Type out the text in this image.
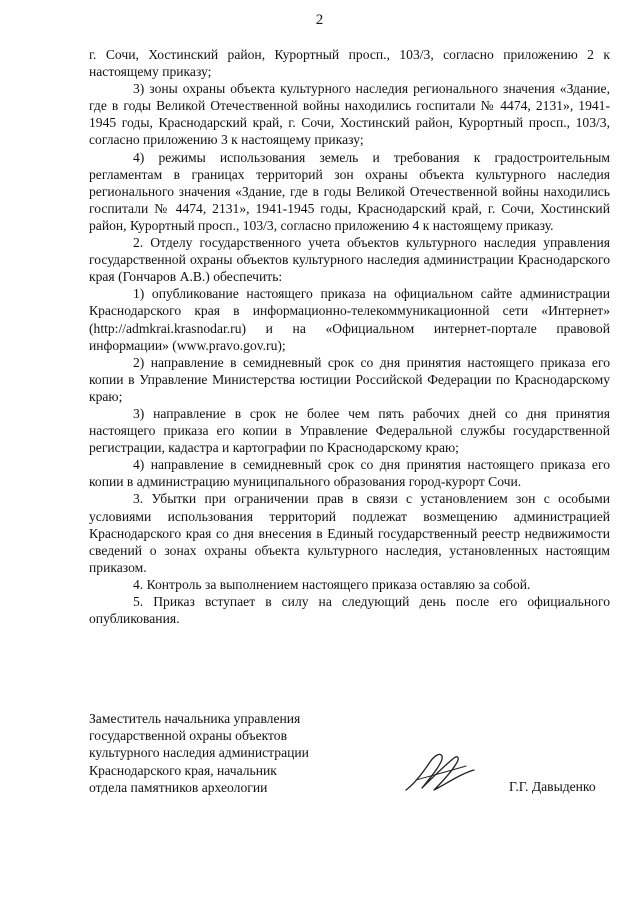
2

г. Сочи, Хостинский район, Курортный просп., 103/3, согласно приложению 2 к настоящему приказу;

3) зоны охраны объекта культурного наследия регионального значения «Здание, где в годы Великой Отечественной войны находились госпитали № 4474, 2131», 1941-1945 годы, Краснодарский край, г. Сочи, Хостинский район, Курортный просп., 103/3, согласно приложению 3 к настоящему приказу;

4) режимы использования земель и требования к градостроительным регламентам в границах территорий зон охраны объекта культурного наследия регионального значения «Здание, где в годы Великой Отечественной войны находились госпитали № 4474, 2131», 1941-1945 годы, Краснодарский край, г. Сочи, Хостинский район, Курортный просп., 103/3, согласно приложению 4 к настоящему приказу.

2. Отделу государственного учета объектов культурного наследия управления государственной охраны объектов культурного наследия администрации Краснодарского края (Гончаров А.В.) обеспечить:

1) опубликование настоящего приказа на официальном сайте администрации Краснодарского края в информационно-телекоммуникационной сети «Интернет» (http://admkrai.krasnodar.ru) и на «Официальном интернет-портале правовой информации» (www.pravo.gov.ru);

2) направление в семидневный срок со дня принятия настоящего приказа его копии в Управление Министерства юстиции Российской Федерации по Краснодарскому краю;

3) направление в срок не более чем пять рабочих дней со дня принятия настоящего приказа его копии в Управление Федеральной службы государственной регистрации, кадастра и картографии по Краснодарскому краю;

4) направление в семидневный срок со дня принятия настоящего приказа его копии в администрацию муниципального образования город-курорт Сочи.

3. Убытки при ограничении прав в связи с установлением зон с особыми условиями использования территорий подлежат возмещению администрацией Краснодарского края со дня внесения в Единый государственный реестр недвижимости сведений о зонах охраны объекта культурного наследия, установленных настоящим приказом.

4. Контроль за выполнением настоящего приказа оставляю за собой.

5. Приказ вступает в силу на следующий день после его официального опубликования.

Заместитель начальника управления
государственной охраны объектов
культурного наследия администрации
Краснодарского края, начальник
отдела памятников археологии	Г.Г. Давыденко
